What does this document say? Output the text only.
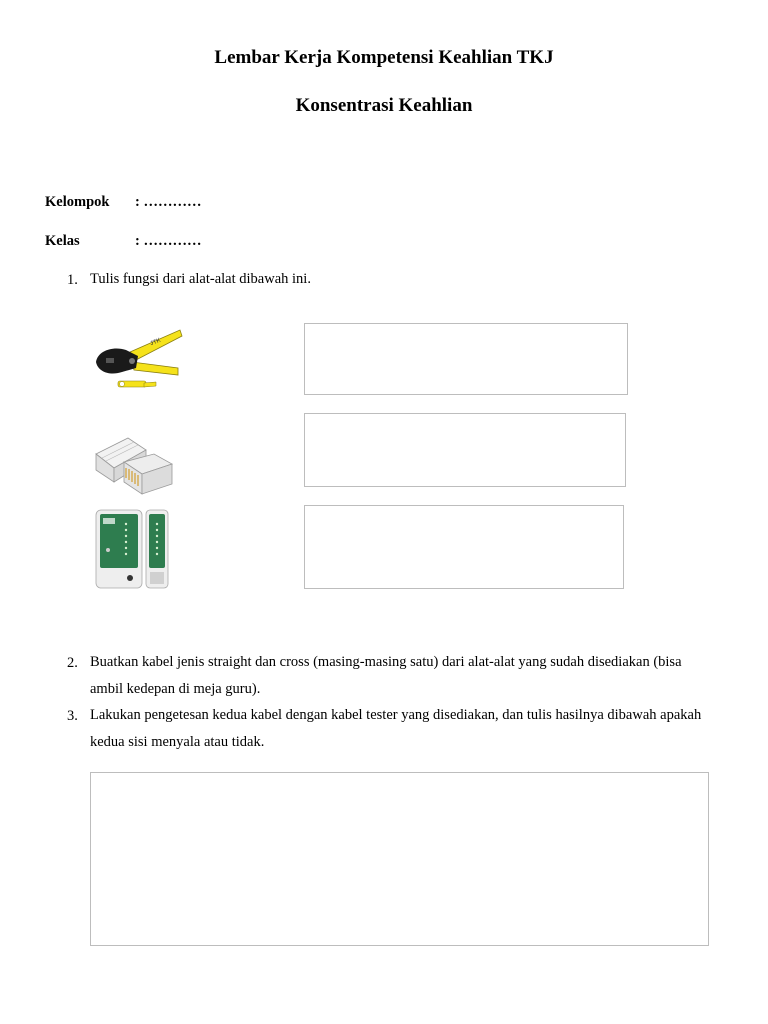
Lembar Kerja Kompetensi Keahlian TKJ
Konsentrasi Keahlian
Kelompok : …………
Kelas	: …………
1. Tulis fungsi dari alat-alat dibawah ini.
JTK
2. Buatkan kabel jenis straight dan cross (masing-masing satu) dari alat-alat yang sudah disediakan (bisa ambil kedepan di meja guru).
3. Lakukan pengetesan kedua kabel dengan kabel tester yang disediakan, dan tulis hasilnya dibawah apakah kedua sisi menyala atau tidak.
